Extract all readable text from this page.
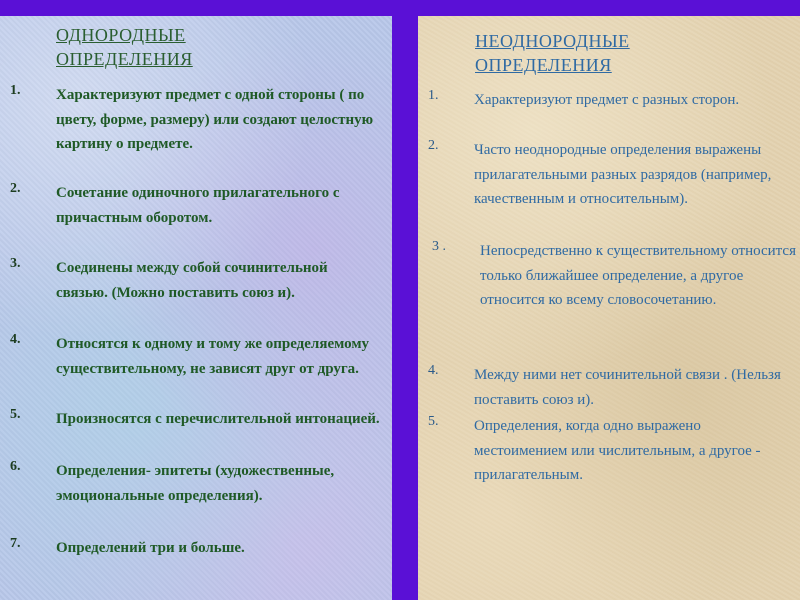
ОДНОРОДНЫЕ
ОПРЕДЕЛЕНИЯ
1. Характеризуют предмет с одной стороны ( по цвету, форме, размеру) или создают целостную картину о предмете.
2. Сочетание одиночного прилагательного с причастным оборотом.
3. Соединены между собой сочинительной связью. (Можно поставить союз и).
4. Относятся к одному и тому же определяемому существительному, не зависят друг от друга.
5. Произносятся с перечислительной интонацией.
6. Определения- эпитеты (художественные, эмоциональные определения).
7. Определений три и больше.
НЕОДНОРОДНЫЕ
ОПРЕДЕЛЕНИЯ
1. Характеризуют предмет с разных сторон.
2. Часто неоднородные определения выражены прилагательными разных разрядов (например, качественным и относительным).
3 . Непосредственно к существительному относится только ближайшее определение, а другое относится ко всему словосочетанию.
4. Между ними нет сочинительной связи . (Нельзя поставить союз и).
5. Определения, когда одно выражено местоимением или числительным, а другое - прилагательным.
